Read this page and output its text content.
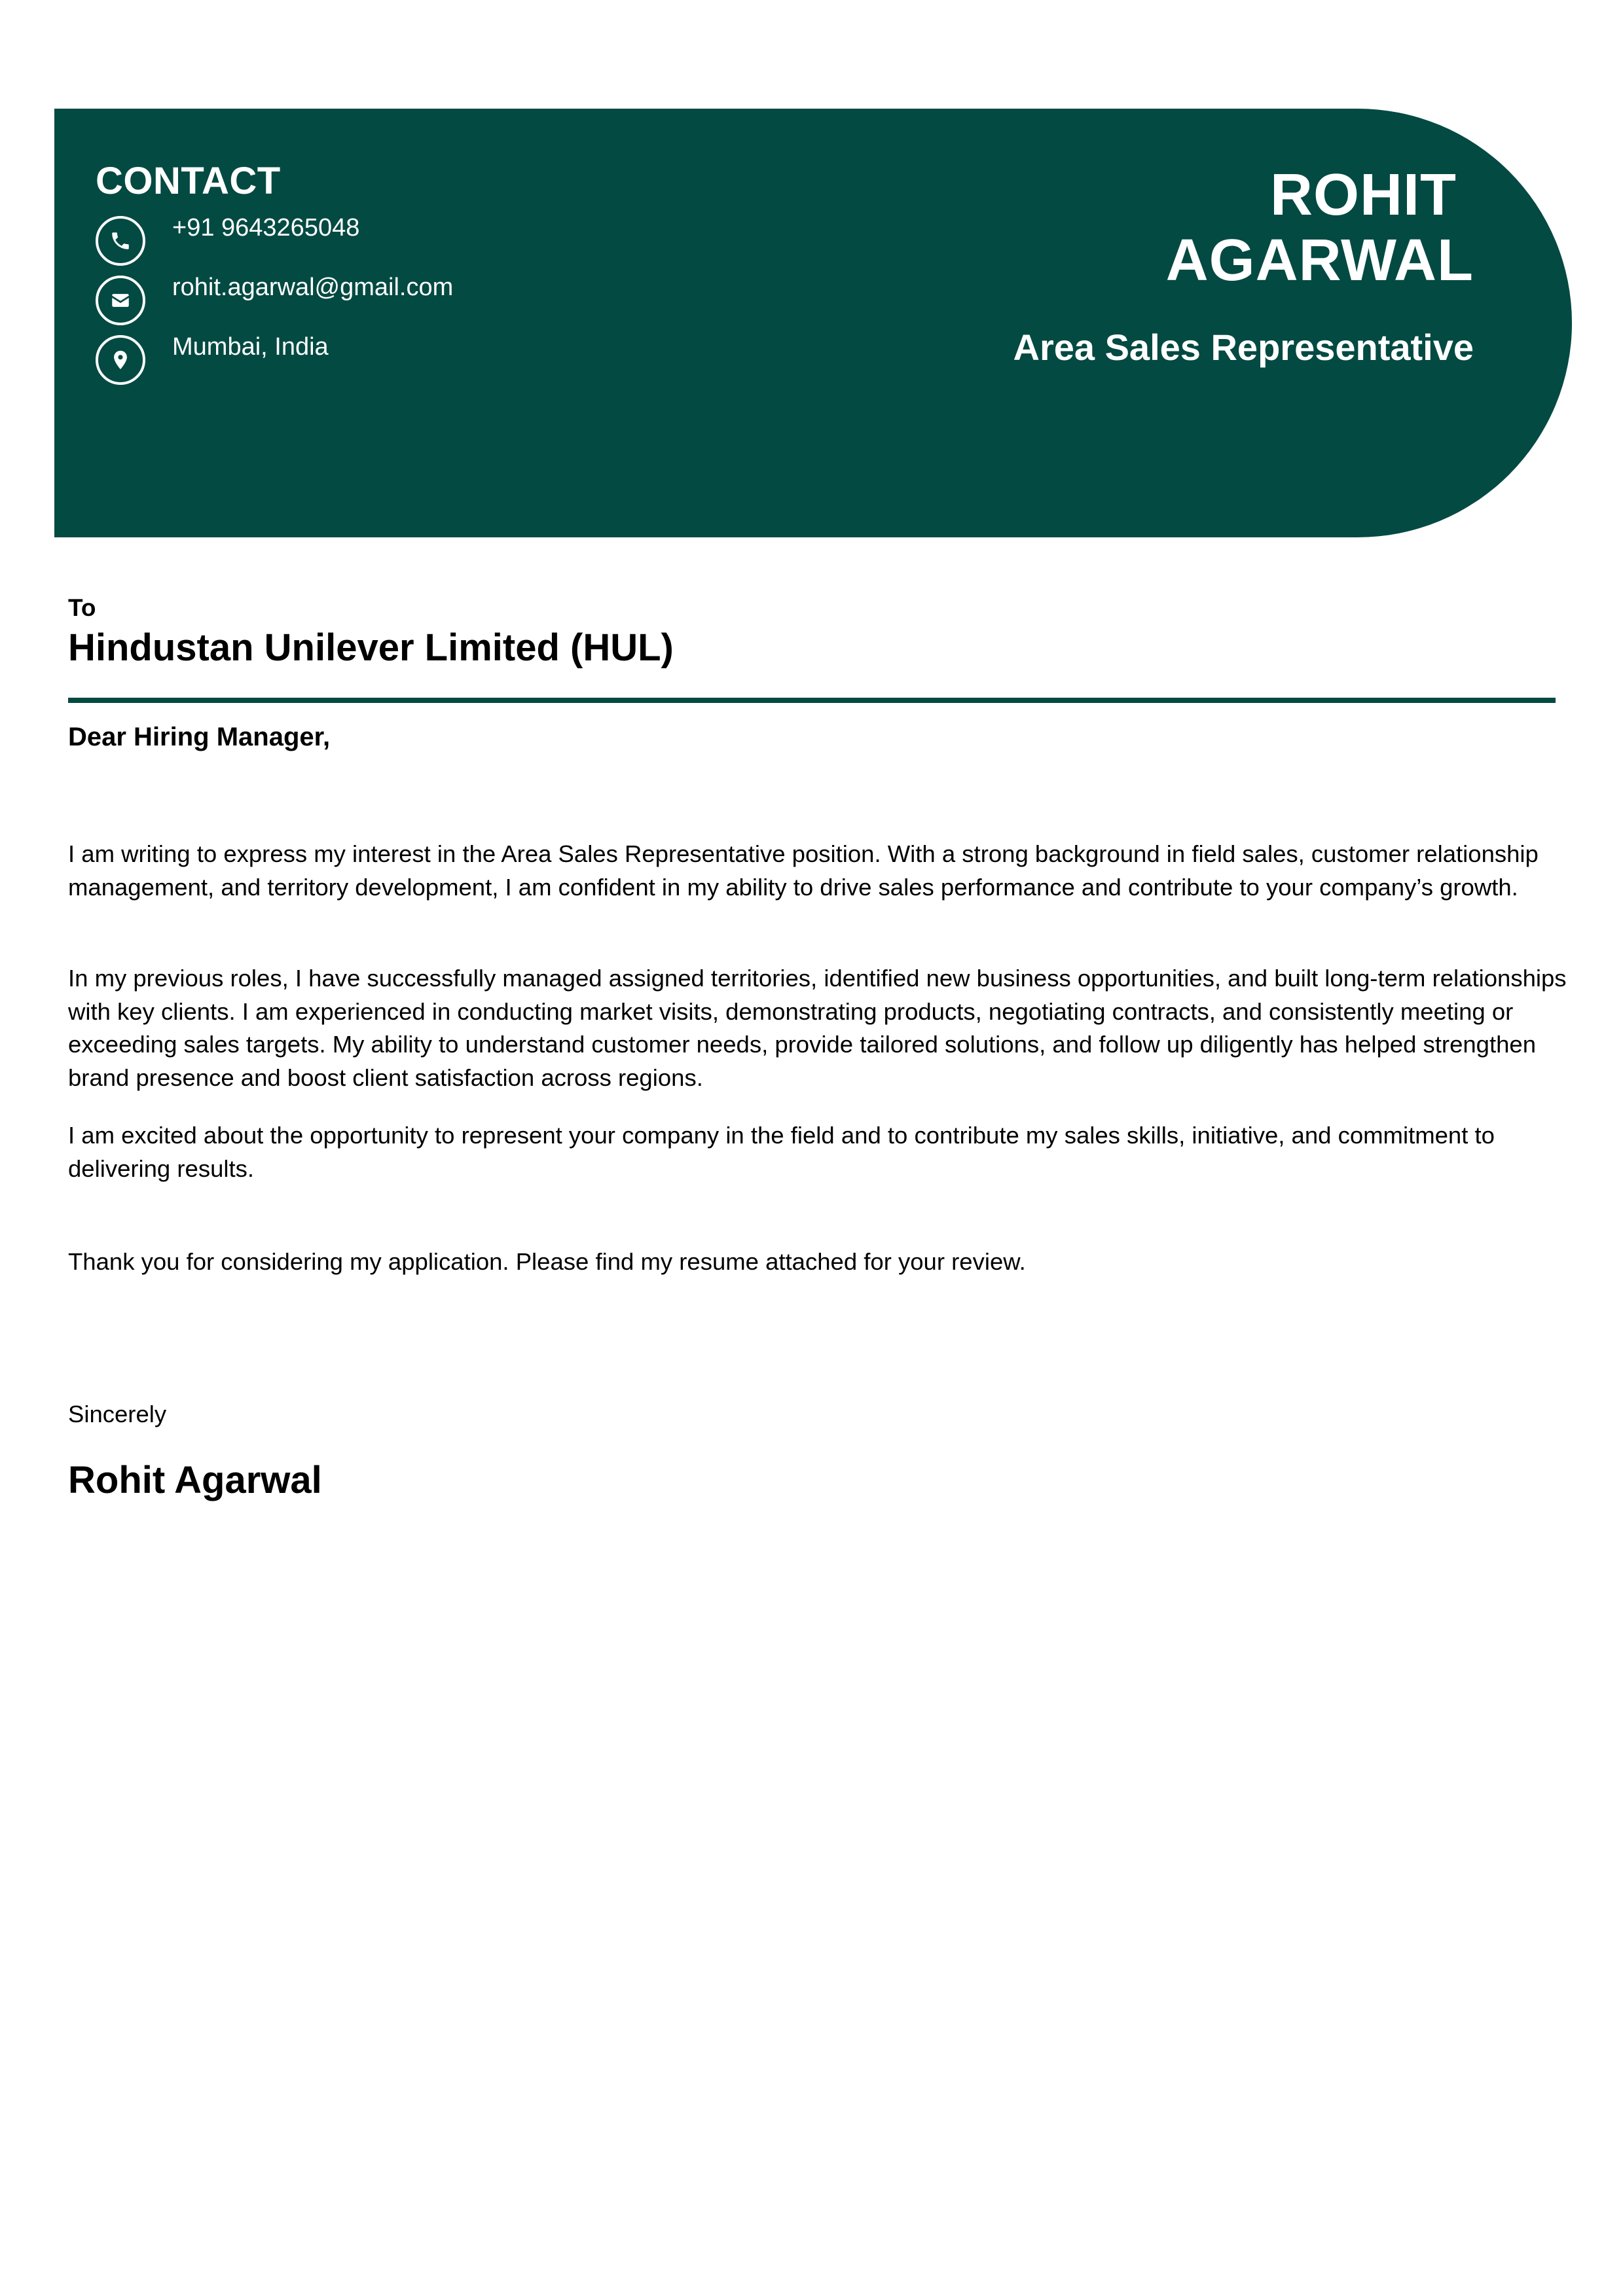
CONTACT
+91 9643265048
rohit.agarwal@gmail.com
Mumbai, India
ROHIT
AGARWAL
Area Sales Representative
To
Hindustan Unilever Limited (HUL)
Dear Hiring Manager,

I am writing to express my interest in the Area Sales Representative position. With a strong background in field sales, customer relationship management, and territory development, I am confident in my ability to drive sales performance and contribute to your company’s growth.

In my previous roles, I have successfully managed assigned territories, identified new business opportunities, and built long-term relationships with key clients. I am experienced in conducting market visits, demonstrating products, negotiating contracts, and consistently meeting or exceeding sales targets. My ability to understand customer needs, provide tailored solutions, and follow up diligently has helped strengthen brand presence and boost client satisfaction across regions.

I am excited about the opportunity to represent your company in the field and to contribute my sales skills, initiative, and commitment to delivering results.

Thank you for considering my application. Please find my resume attached for your review.

Sincerely
Rohit Agarwal
